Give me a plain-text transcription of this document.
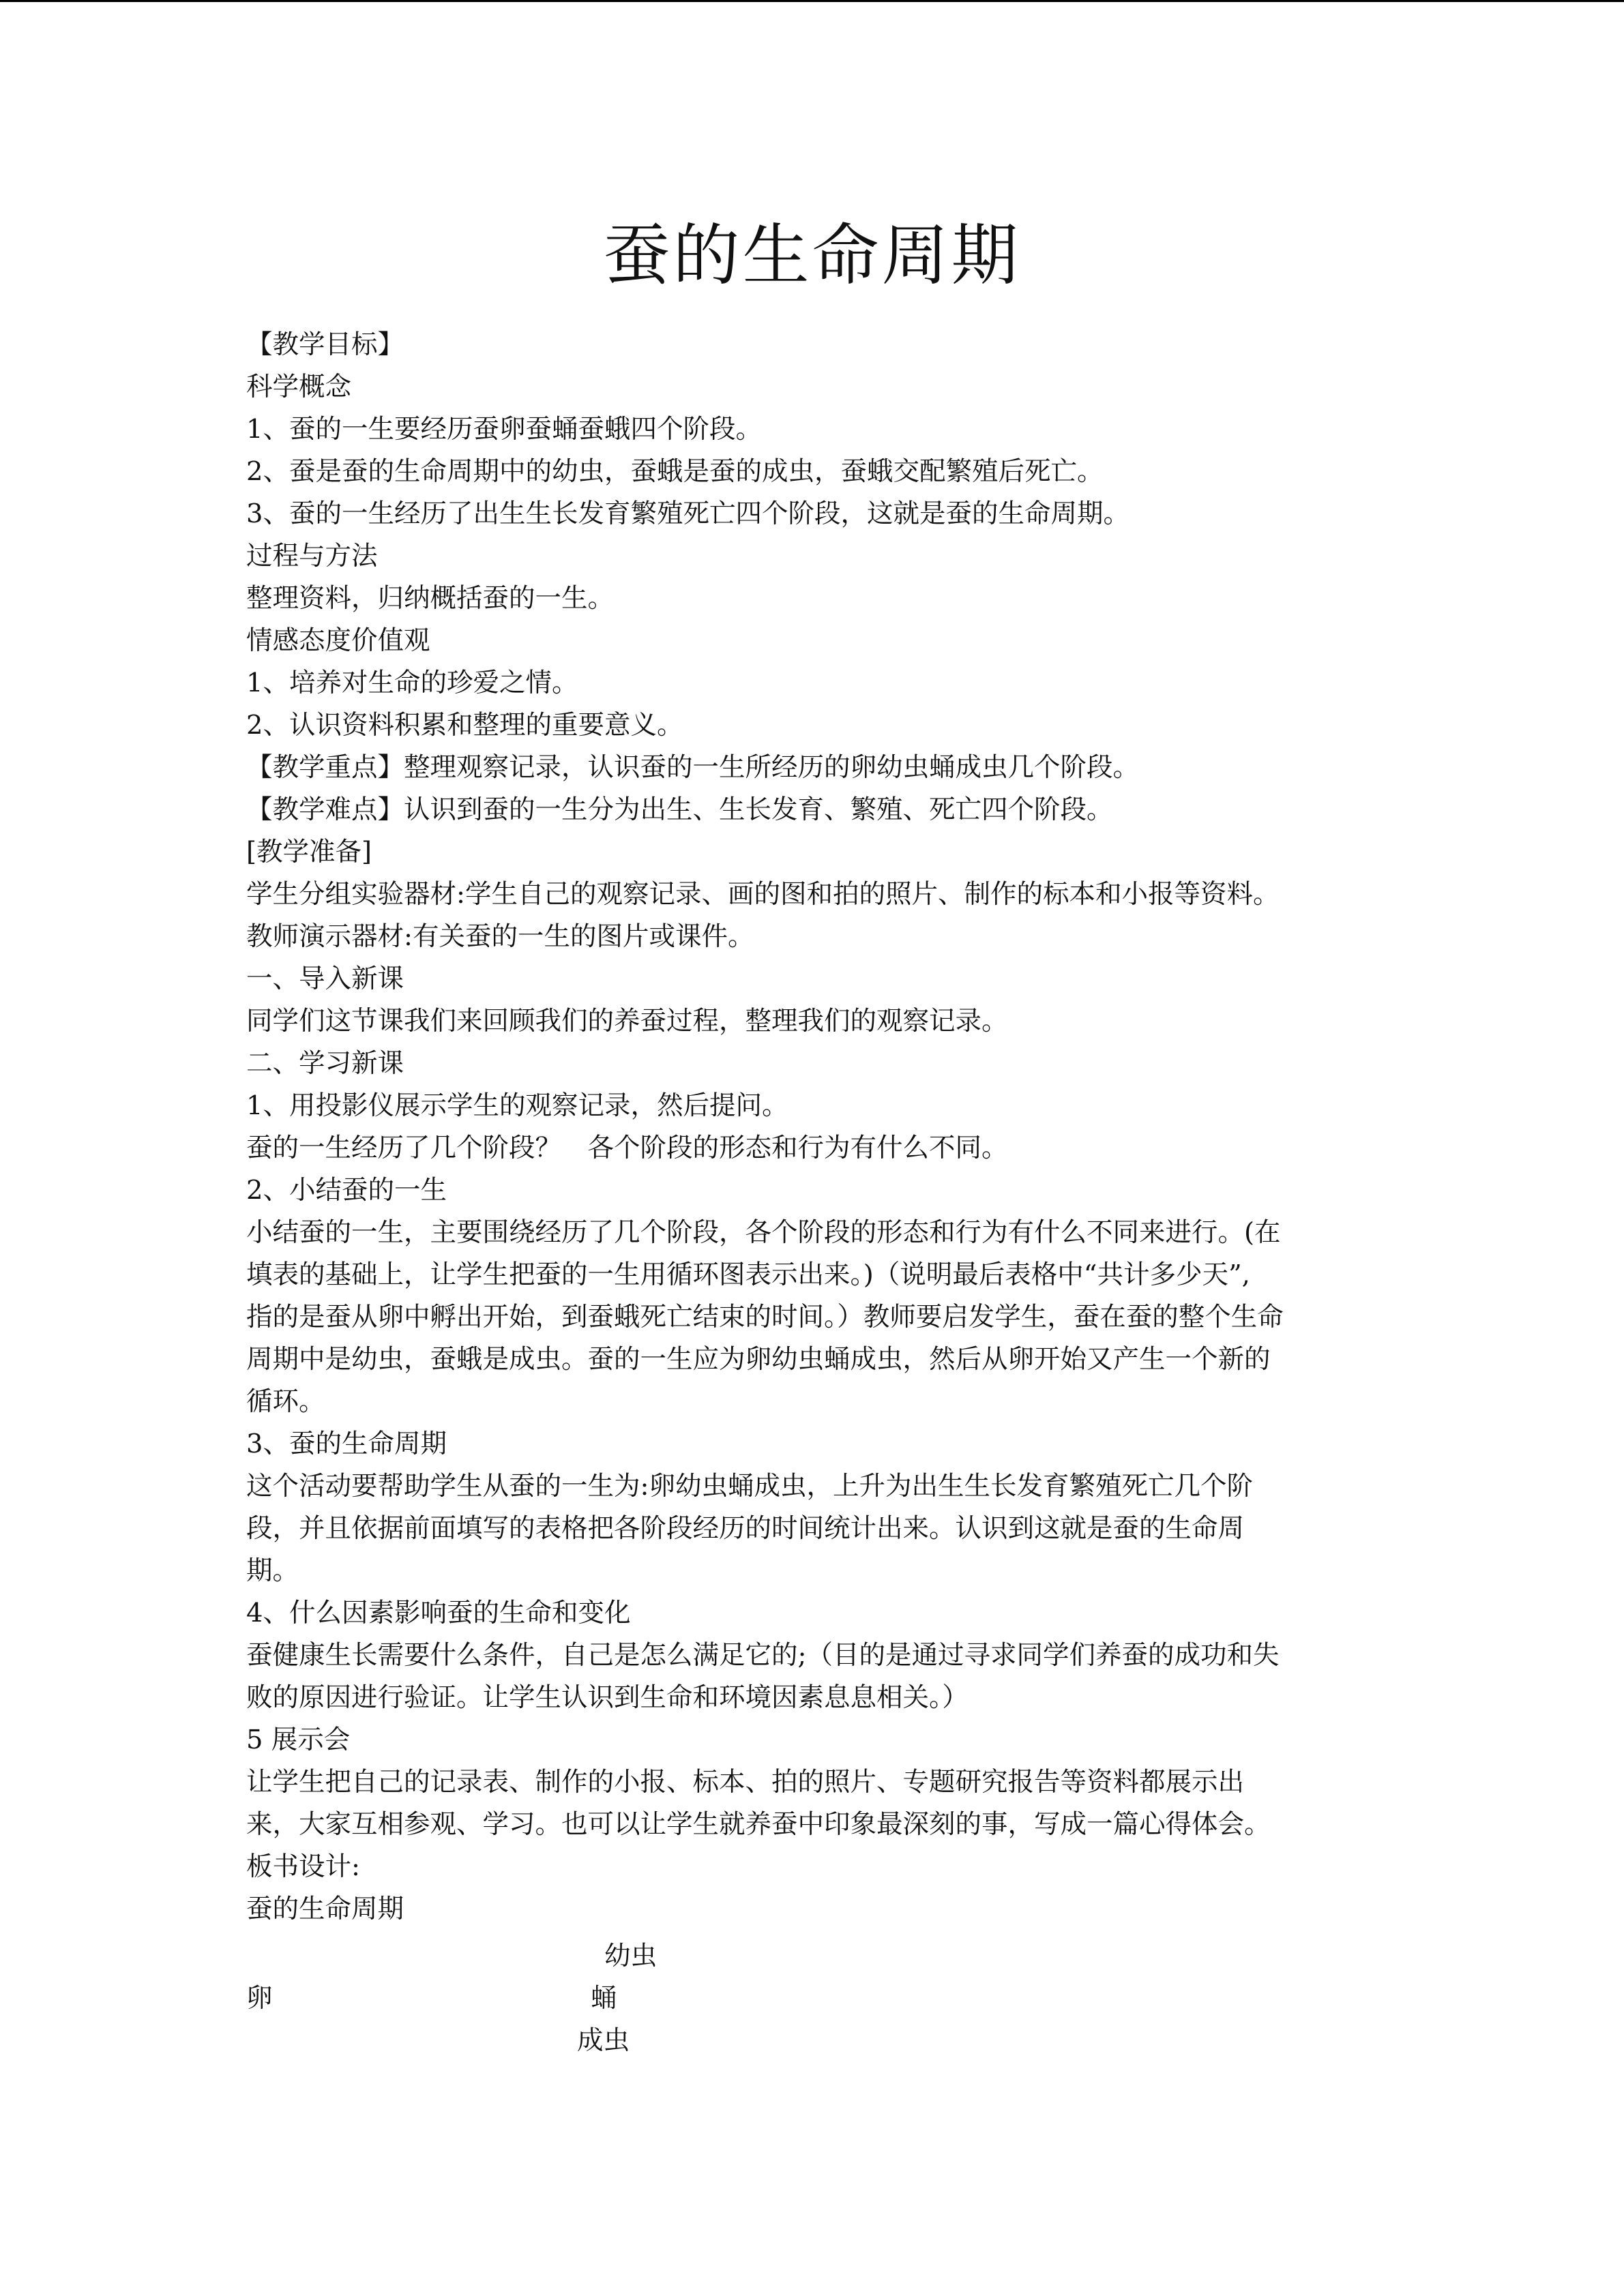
蚕的生命周期
【教学目标】
科学概念
1、蚕的一生要经历蚕卵蚕蛹蚕蛾四个阶段。
2、蚕是蚕的生命周期中的幼虫，蚕蛾是蚕的成虫，蚕蛾交配繁殖后死亡。
3、蚕的一生经历了出生生长发育繁殖死亡四个阶段，这就是蚕的生命周期。
过程与方法
整理资料，归纳概括蚕的一生。
情感态度价值观
1、培养对生命的珍爱之情。
2、认识资料积累和整理的重要意义。
【教学重点】整理观察记录，认识蚕的一生所经历的卵幼虫蛹成虫几个阶段。
【教学难点】认识到蚕的一生分为出生、生长发育、繁殖、死亡四个阶段。
[教学准备]
学生分组实验器材:学生自己的观察记录、画的图和拍的照片、制作的标本和小报等资料。
教师演示器材:有关蚕的一生的图片或课件。
一、导入新课
同学们这节课我们来回顾我们的养蚕过程，整理我们的观察记录。
二、学习新课
1、用投影仪展示学生的观察记录，然后提问。
蚕的一生经历了几个阶段？　各个阶段的形态和行为有什么不同。
2、小结蚕的一生
小结蚕的一生，主要围绕经历了几个阶段，各个阶段的形态和行为有什么不同来进行。(在
填表的基础上，让学生把蚕的一生用循环图表示出来。)（说明最后表格中“共计多少天”,
指的是蚕从卵中孵出开始，到蚕蛾死亡结束的时间。）教师要启发学生，蚕在蚕的整个生命
周期中是幼虫，蚕蛾是成虫。蚕的一生应为卵幼虫蛹成虫，然后从卵开始又产生一个新的
循环。
3、蚕的生命周期
这个活动要帮助学生从蚕的一生为:卵幼虫蛹成虫，上升为出生生长发育繁殖死亡几个阶
段，并且依据前面填写的表格把各阶段经历的时间统计出来。认识到这就是蚕的生命周
期。
4、什么因素影响蚕的生命和变化
蚕健康生长需要什么条件，自己是怎么满足它的;（目的是通过寻求同学们养蚕的成功和失
败的原因进行验证。让学生认识到生命和环境因素息息相关。）
5 展示会
让学生把自己的记录表、制作的小报、标本、拍的照片、专题研究报告等资料都展示出
来，大家互相参观、学习。也可以让学生就养蚕中印象最深刻的事，写成一篇心得体会。
板书设计:
蚕的生命周期
幼虫
卵	蛹
成虫
